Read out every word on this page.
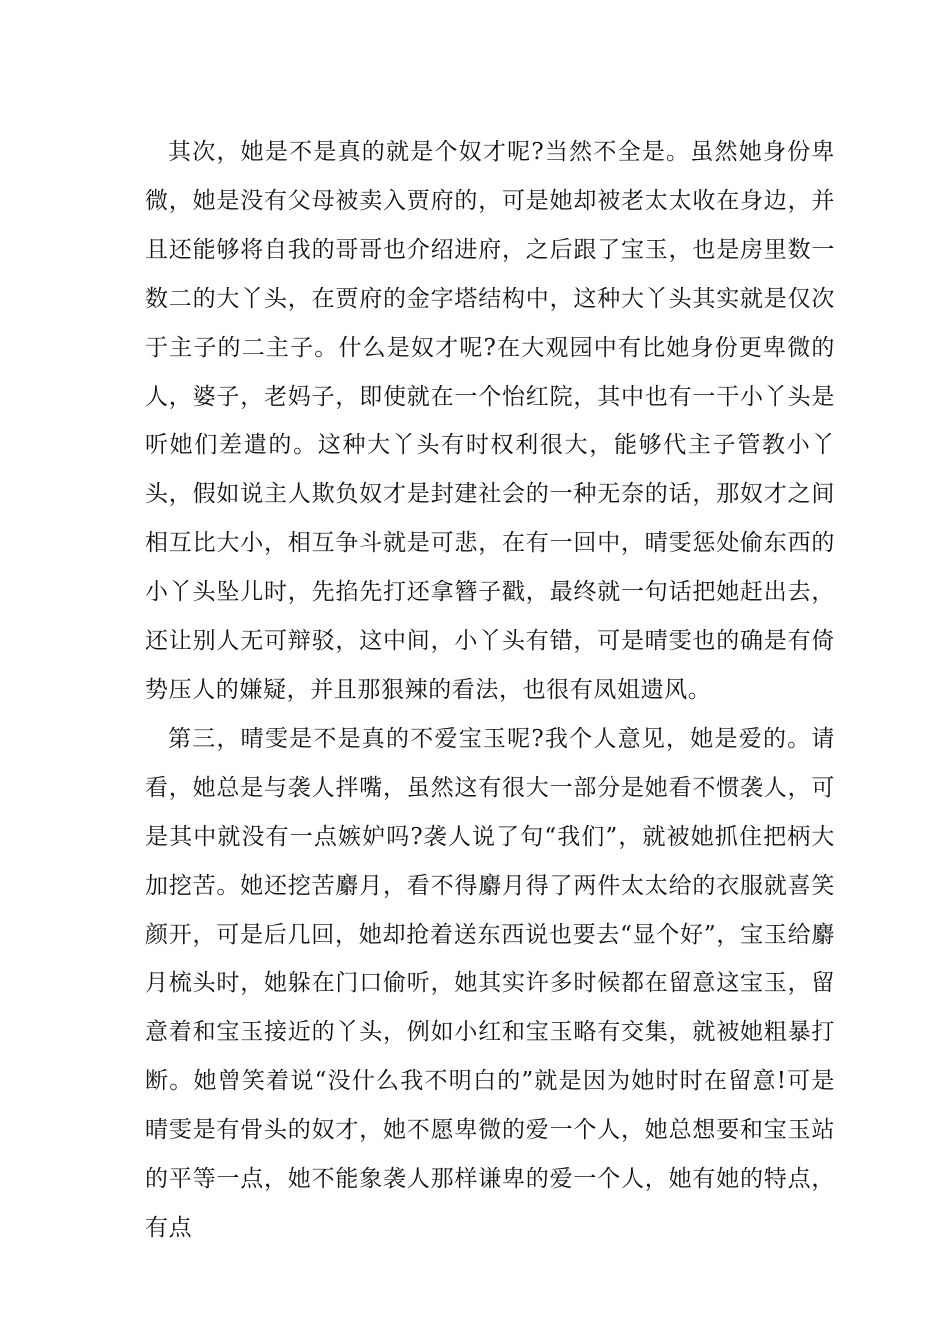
其次，她是不是真的就是个奴才呢?当然不全是。虽然她身份卑微，她是没有父母被卖入贾府的，可是她却被老太太收在身边，并且还能够将自我的哥哥也介绍进府，之后跟了宝玉，也是房里数一数二的大丫头，在贾府的金字塔结构中，这种大丫头其实就是仅次于主子的二主子。什么是奴才呢?在大观园中有比她身份更卑微的人，婆子，老妈子，即使就在一个怡红院，其中也有一干小丫头是听她们差遣的。这种大丫头有时权利很大，能够代主子管教小丫头，假如说主人欺负奴才是封建社会的一种无奈的话，那奴才之间相互比大小，相互争斗就是可悲，在有一回中，晴雯惩处偷东西的小丫头坠儿时，先掐先打还拿簪子戳，最终就一句话把她赶出去，还让别人无可辩驳，这中间，小丫头有错，可是晴雯也的确是有倚势压人的嫌疑，并且那狠辣的看法，也很有凤姐遗风。

第三，晴雯是不是真的不爱宝玉呢?我个人意见，她是爱的。请看，她总是与袭人拌嘴，虽然这有很大一部分是她看不惯袭人，可是其中就没有一点嫉妒吗?袭人说了句“我们”，就被她抓住把柄大加挖苦。她还挖苦麝月，看不得麝月得了两件太太给的衣服就喜笑颜开，可是后几回，她却抢着送东西说也要去“显个好”，宝玉给麝月梳头时，她躲在门口偷听，她其实许多时候都在留意这宝玉，留意着和宝玉接近的丫头，例如小红和宝玉略有交集，就被她粗暴打断。她曾笑着说“没什么我不明白的”就是因为她时时在留意!可是晴雯是有骨头的奴才，她不愿卑微的爱一个人，她总想要和宝玉站的平等一点，她不能象袭人那样谦卑的爱一个人，她有她的特点，有点
